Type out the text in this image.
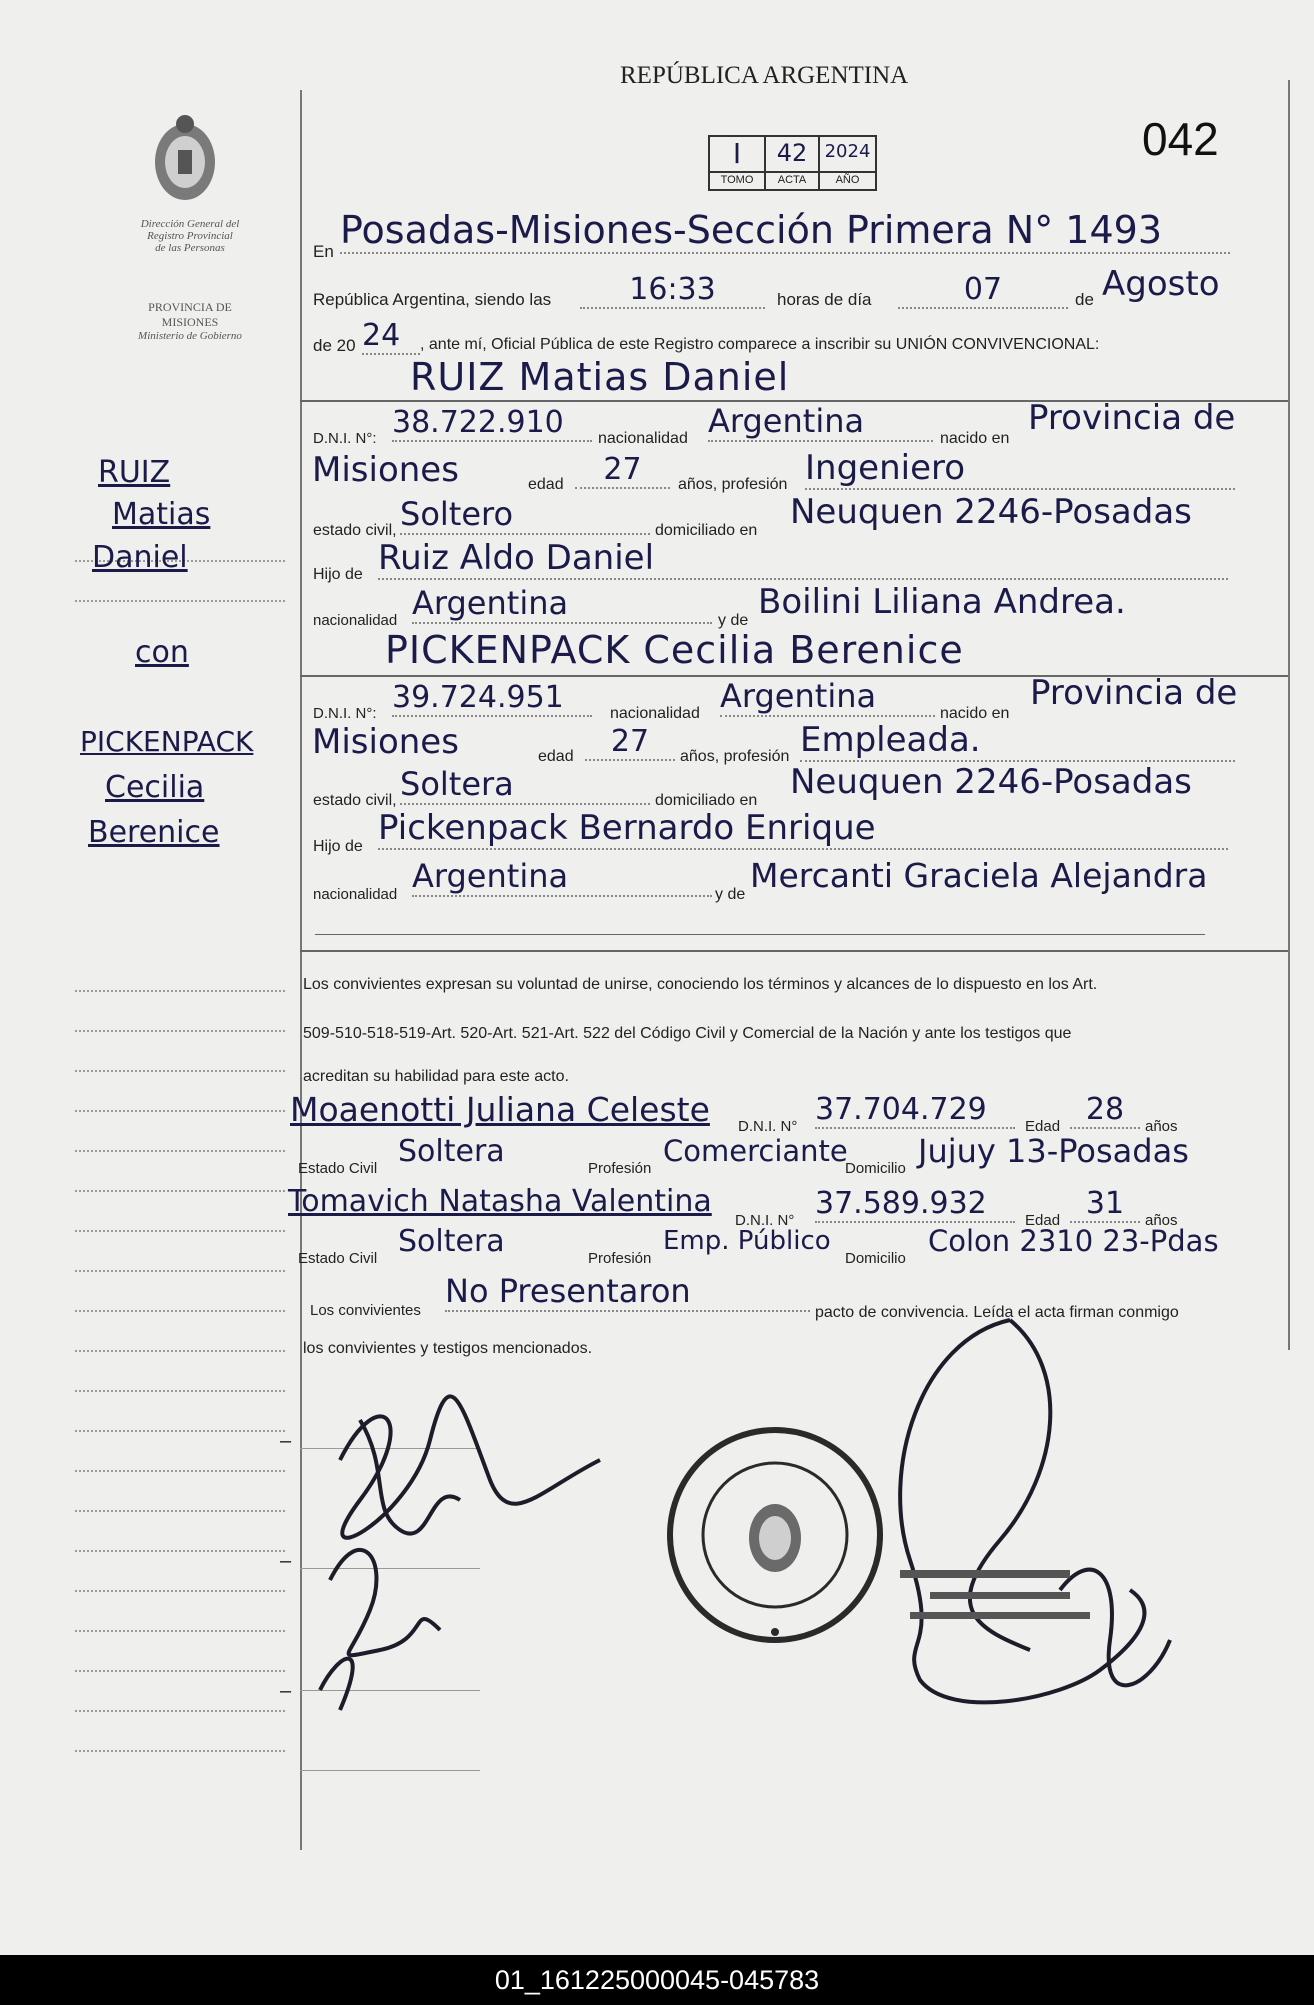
Dirección General del
Registro Provincial
de las Personas
PROVINCIA DE
MISIONES
Ministerio de Gobierno
RUIZ
Matias
Daniel
con
PICKENPACK
Cecilia
Berenice
REPÚBLICA ARGENTINA
I	42 2024
TOMO	ACTA	AÑO
042
En Posadas-Misiones-Sección Primera N° 1493
República Argentina, siendo las	16:33	horas de día	07	de Agosto
de 20 24	, ante mí, Oficial Pública de este Registro comparece a inscribir su UNIÓN CONVIVENCIONAL:
RUIZ Matias Daniel
D.N.I. N°: 38.722.910	nacionalidad Argentina	nacido en
Provincia de
Misiones	edad	27	años, profesión Ingeniero
estado civil, Soltero	domiciliado en Neuquen 2246-Posadas
Hijo de Ruiz Aldo Daniel
nacionalidad Argentina	y de Boilini Liliana Andrea.
PICKENPACK Cecilia Berenice
D.N.I. N°: 39.724.951	nacionalidad Argentina	nacido en
Provincia de
Misiones	edad	27	años, profesión Empleada.
estado civil, Soltera	domiciliado en Neuquen 2246-Posadas
Hijo de Pickenpack Bernardo Enrique
nacionalidad Argentina	y de Mercanti Graciela Alejandra
Los convivientes expresan su voluntad de unirse, conociendo los términos y alcances de lo dispuesto en los Art.
509-510-518-519-Art. 520-Art. 521-Art. 522 del Código Civil y Comercial de la Nación y ante los testigos que
acreditan su habilidad para este acto.
Moaenotti Juliana Celeste D.N.I. N° 37.704.729	Edad 28	años
Estado Civil Soltera	Profesión
Comerciante
Domicilio Jujuy 13-Posadas
Tomavich Natasha Valentina
D.N.I. N° 37.589.932	Edad 31	años
Estado Civil Soltera	Profesión
Emp. Público
Domicilio
Colon 2310 23-Pdas
Los convivientes
No Presentaron
pacto de convivencia. Leída el acta firman conmigo
los convivientes y testigos mencionados.
–
–
–
01_161225000045-045783
